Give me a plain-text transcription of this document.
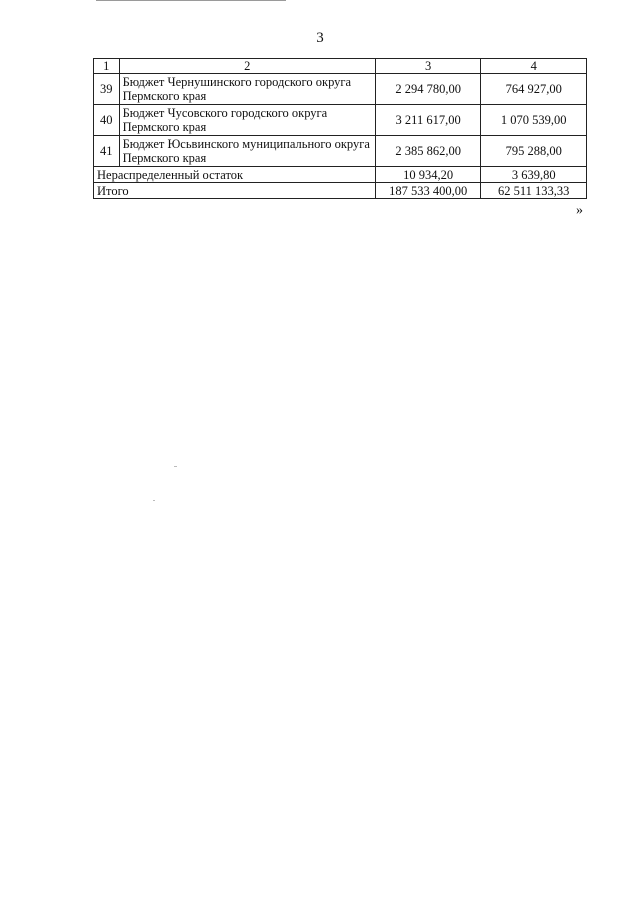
3
1	2	3	4
39	Бюджет Чернушинского городского округа Пермского края	2 294 780,00	764 927,00
40	Бюджет Чусовского городского округа Пермского края	3 211 617,00	1 070 539,00
41	Бюджет Юсьвинского муниципального округа Пермского края	2 385 862,00	795 288,00
Нераспределенный остаток		10 934,20	3 639,80
Итого		187 533 400,00	62 511 133,33
»
